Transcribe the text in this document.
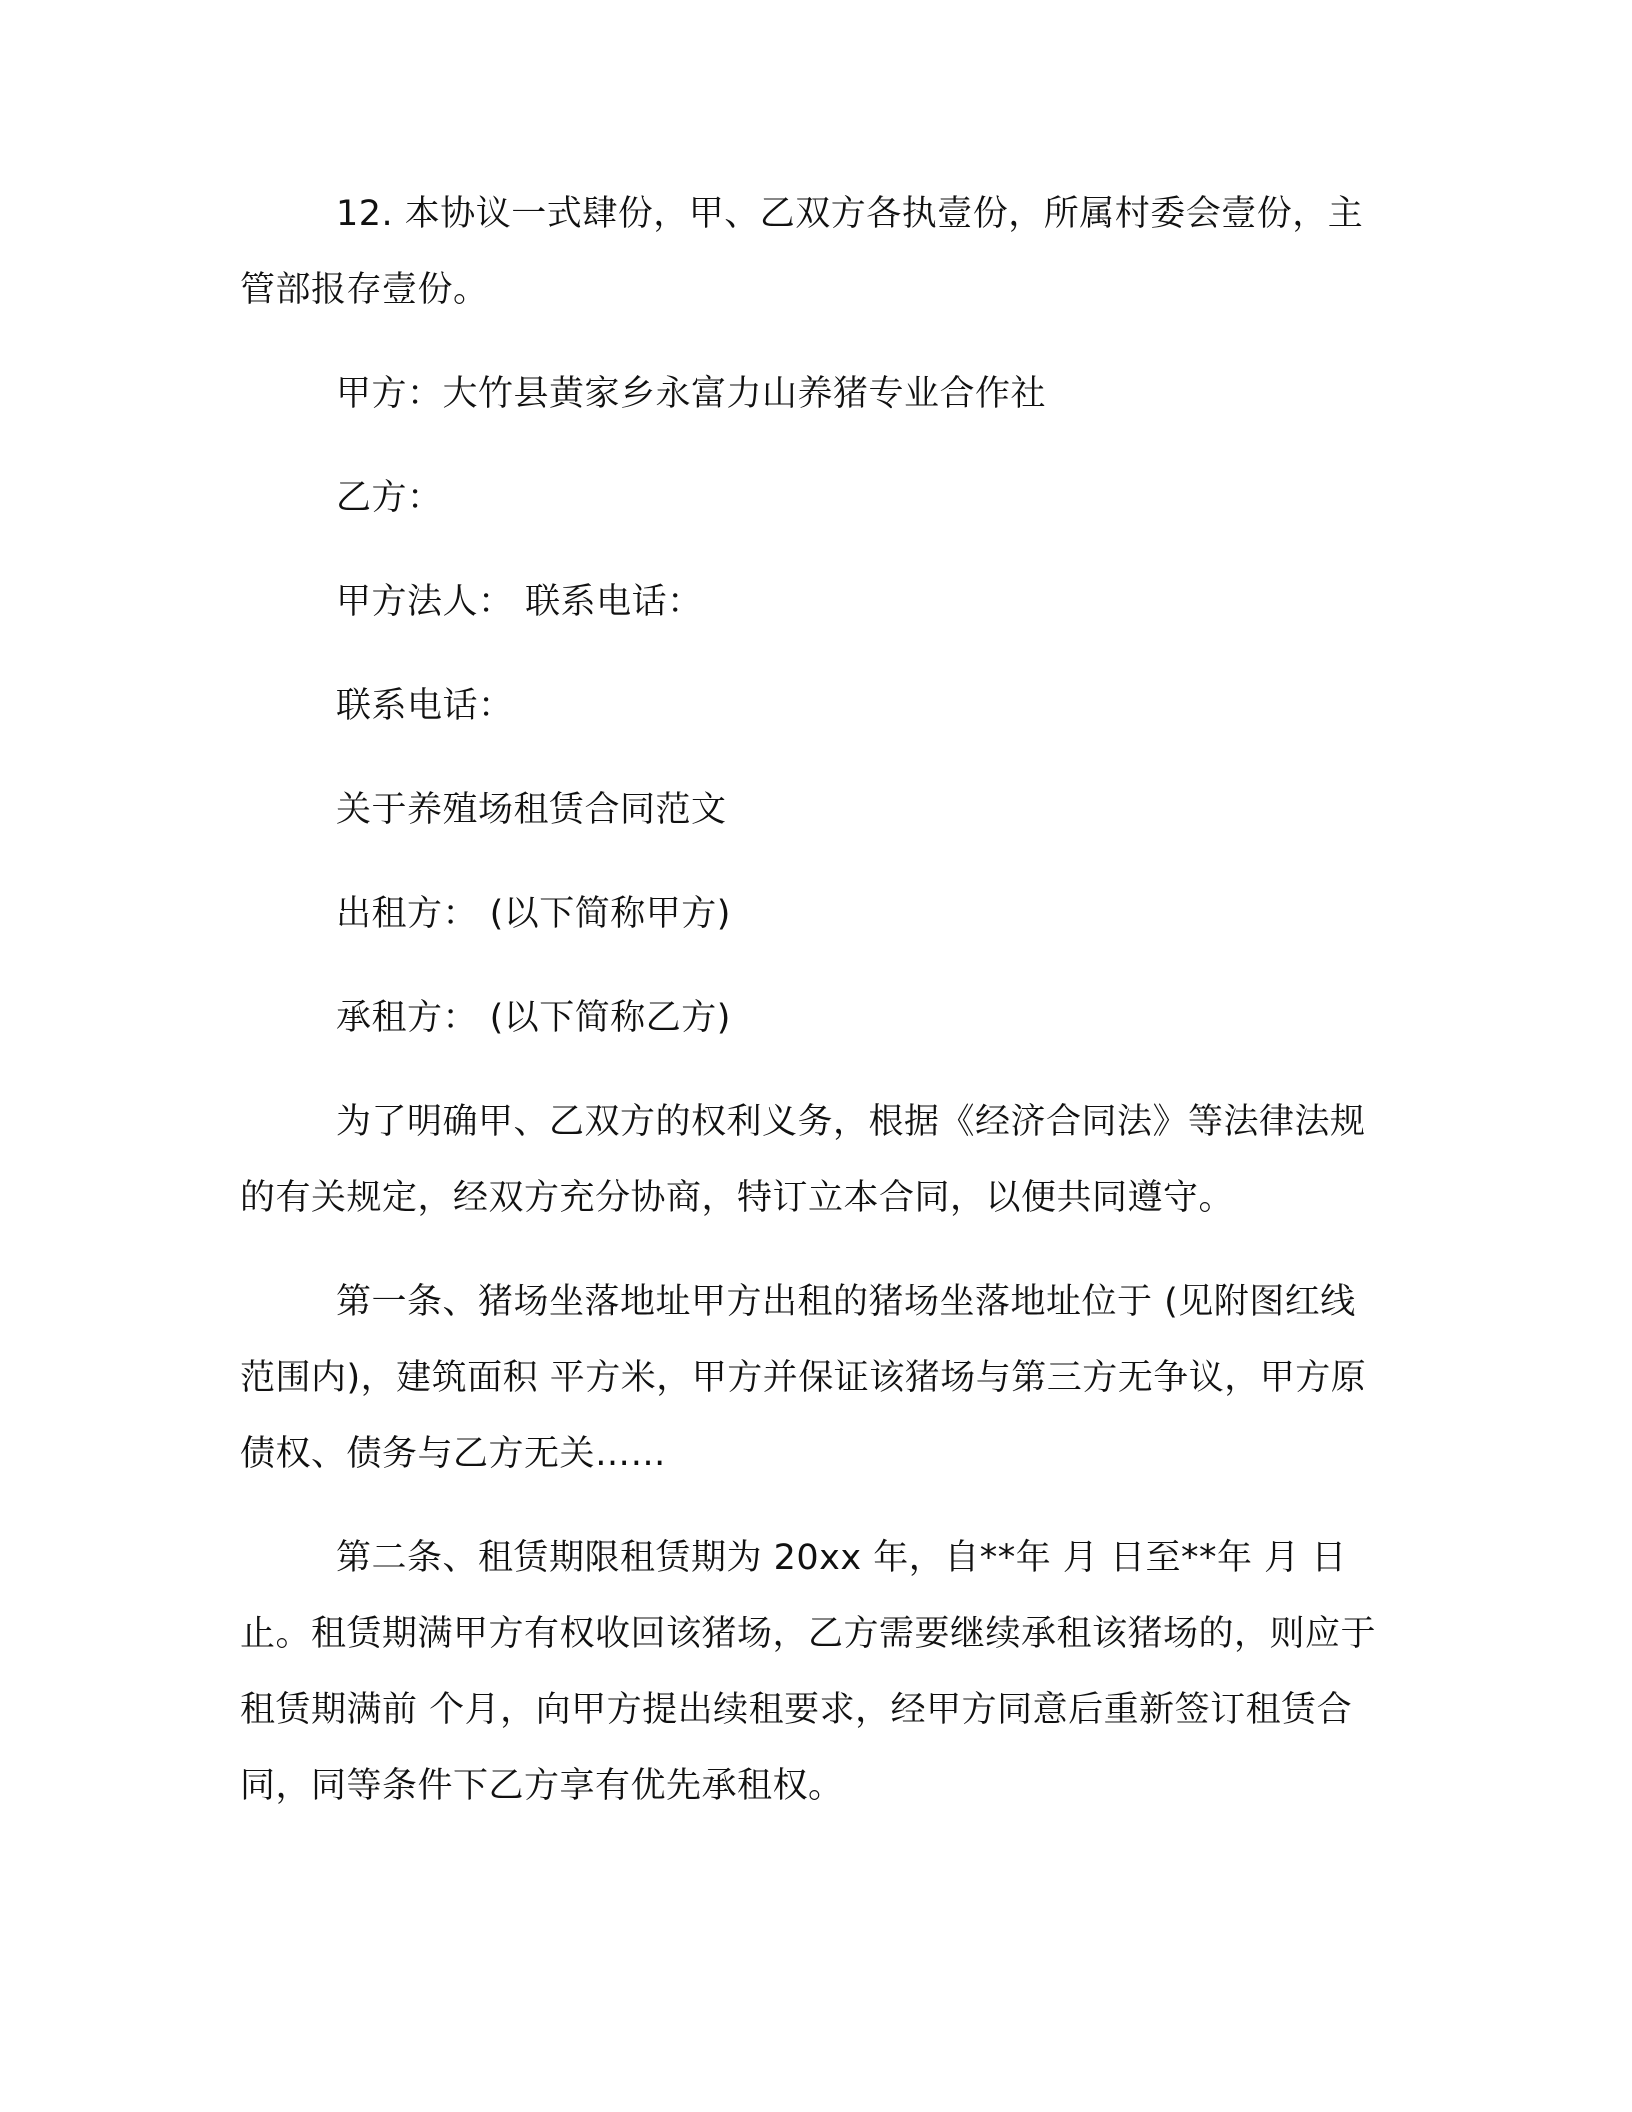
12. 本协议一式肆份，甲、乙双方各执壹份，所属村委会壹份，主管部报存壹份。

甲方：大竹县黄家乡永富力山养猪专业合作社

乙方：

甲方法人： 联系电话：

联系电话：

关于养殖场租赁合同范文

出租方： (以下简称甲方)

承租方： (以下简称乙方)

为了明确甲、乙双方的权利义务，根据《经济合同法》等法律法规的有关规定，经双方充分协商，特订立本合同，以便共同遵守。

第一条、猪场坐落地址甲方出租的猪场坐落地址位于 (见附图红线范围内)，建筑面积 平方米，甲方并保证该猪场与第三方无争议，甲方原债权、债务与乙方无关……

第二条、租赁期限租赁期为 20xx 年，自**年 月 日至**年 月 日止。租赁期满甲方有权收回该猪场，乙方需要继续承租该猪场的，则应于租赁期满前 个月，向甲方提出续租要求，经甲方同意后重新签订租赁合同，同等条件下乙方享有优先承租权。
